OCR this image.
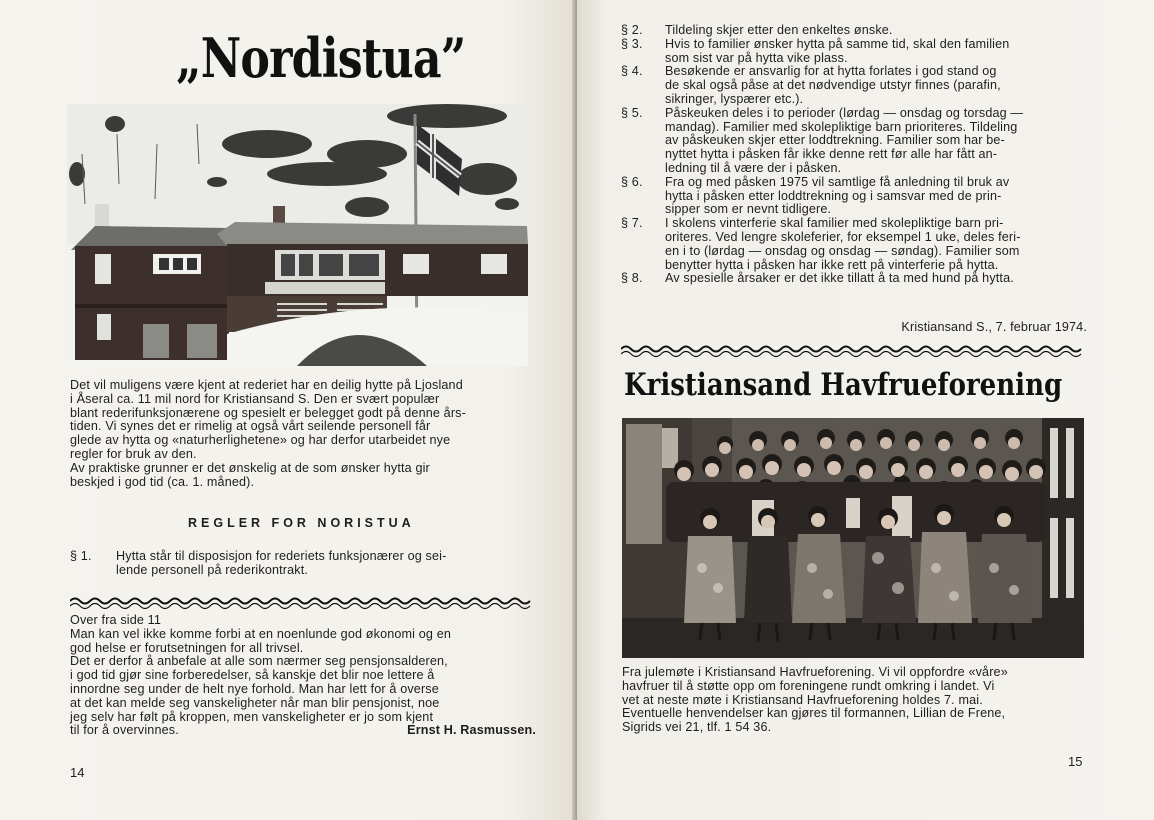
„Nordistua”
Det vil muligens være kjent at rederiet har en deilig hytte på Ljosland
i Åseral ca. 11 mil nord for Kristiansand S. Den er svært populær
blant rederifunksjonærene og spesielt er belegget godt på denne års-
tiden. Vi synes det er rimelig at også vårt seilende personell får
glede av hytta og «naturherlighetene» og har derfor utarbeidet nye
regler for bruk av den.
Av praktiske grunner er det ønskelig at de som ønsker hytta gir
beskjed i god tid (ca. 1. måned).
REGLER FOR NORISTUA
§ 1.	Hytta står til disposisjon for rederiets funksjonærer og sei-
lende personell på rederikontrakt.
Over fra side 11
Man kan vel ikke komme forbi at en noenlunde god økonomi og en
god helse er forutsetningen for all trivsel.
Det er derfor å anbefale at alle som nærmer seg pensjonsalderen,
i god tid gjør sine forberedelser, så kanskje det blir noe lettere å
innordne seg under de helt nye forhold. Man har lett for å overse
at det kan melde seg vanskeligheter når man blir pensjonist, noe
jeg selv har følt på kroppen, men vanskeligheter er jo som kjent
til for å overvinnes.	Ernst H. Rasmussen.
14
§ 2.	Tildeling skjer etter den enkeltes ønske.
§ 3.	Hvis to familier ønsker hytta på samme tid, skal den familien
som sist var på hytta vike plass.
§ 4.	Besøkende er ansvarlig for at hytta forlates i god stand og
de skal også påse at det nødvendige utstyr finnes (parafin,
sikringer, lyspærer etc.).
§ 5.	Påskeuken deles i to perioder (lørdag — onsdag og torsdag —
mandag). Familier med skolepliktige barn prioriteres. Tildeling
av påskeuken skjer etter loddtrekning. Familier som har be-
nyttet hytta i påsken får ikke denne rett før alle har fått an-
ledning til å være der i påsken.
§ 6.	Fra og med påsken 1975 vil samtlige få anledning til bruk av
hytta i påsken etter loddtrekning og i samsvar med de prin-
sipper som er nevnt tidligere.
§ 7.	I skolens vinterferie skal familier med skolepliktige barn pri-
oriteres. Ved lengre skoleferier, for eksempel 1 uke, deles feri-
en i to (lørdag — onsdag og onsdag — søndag). Familier som
benytter hytta i påsken har ikke rett på vinterferie på hytta.
§ 8.	Av spesielle årsaker er det ikke tillatt å ta med hund på hytta.
Kristiansand S., 7. februar 1974.
Kristiansand Havfrueforening
Fra julemøte i Kristiansand Havfrueforening. Vi vil oppfordre «våre»
havfruer til å støtte opp om foreningene rundt omkring i landet. Vi
vet at neste møte i Kristiansand Havfrueforening holdes 7. mai.
Eventuelle henvendelser kan gjøres til formannen, Lillian de Frene,
Sigrids vei 21, tlf. 1 54 36.
15
